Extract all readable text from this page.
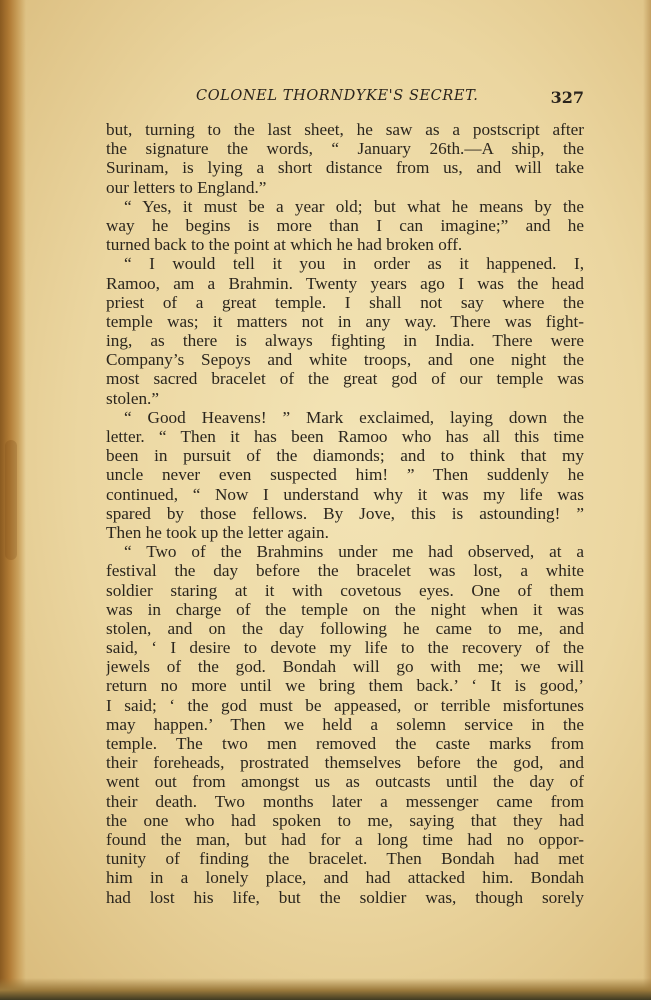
COLONEL THORNDYKE'S SECRET.	327
but, turning to the last sheet, he saw as a postscript after
the signature the words, “ January 26th.—A ship, the
Surinam, is lying a short distance from us, and will take
our letters to England.”
“ Yes, it must be a year old; but what he means by the
way he begins is more than I can imagine;” and he
turned back to the point at which he had broken off.
“ I would tell it you in order as it happened. I,
Ramoo, am a Brahmin. Twenty years ago I was the head
priest of a great temple. I shall not say where the
temple was; it matters not in any way. There was fight-
ing, as there is always fighting in India. There were
Company’s Sepoys and white troops, and one night the
most sacred bracelet of the great god of our temple was
stolen.”
“ Good Heavens! ” Mark exclaimed, laying down the
letter. “ Then it has been Ramoo who has all this time
been in pursuit of the diamonds; and to think that my
uncle never even suspected him! ” Then suddenly he
continued, “ Now I understand why it was my life was
spared by those fellows. By Jove, this is astounding! ”
Then he took up the letter again.
“ Two of the Brahmins under me had observed, at a
festival the day before the bracelet was lost, a white
soldier staring at it with covetous eyes. One of them
was in charge of the temple on the night when it was
stolen, and on the day following he came to me, and
said, ‘ I desire to devote my life to the recovery of the
jewels of the god. Bondah will go with me; we will
return no more until we bring them back.’ ‘ It is good,’
I said; ‘ the god must be appeased, or terrible misfortunes
may happen.’ Then we held a solemn service in the
temple. The two men removed the caste marks from
their foreheads, prostrated themselves before the god, and
went out from amongst us as outcasts until the day of
their death. Two months later a messenger came from
the one who had spoken to me, saying that they had
found the man, but had for a long time had no oppor-
tunity of finding the bracelet. Then Bondah had met
him in a lonely place, and had attacked him. Bondah
had lost his life, but the soldier was, though sorely
